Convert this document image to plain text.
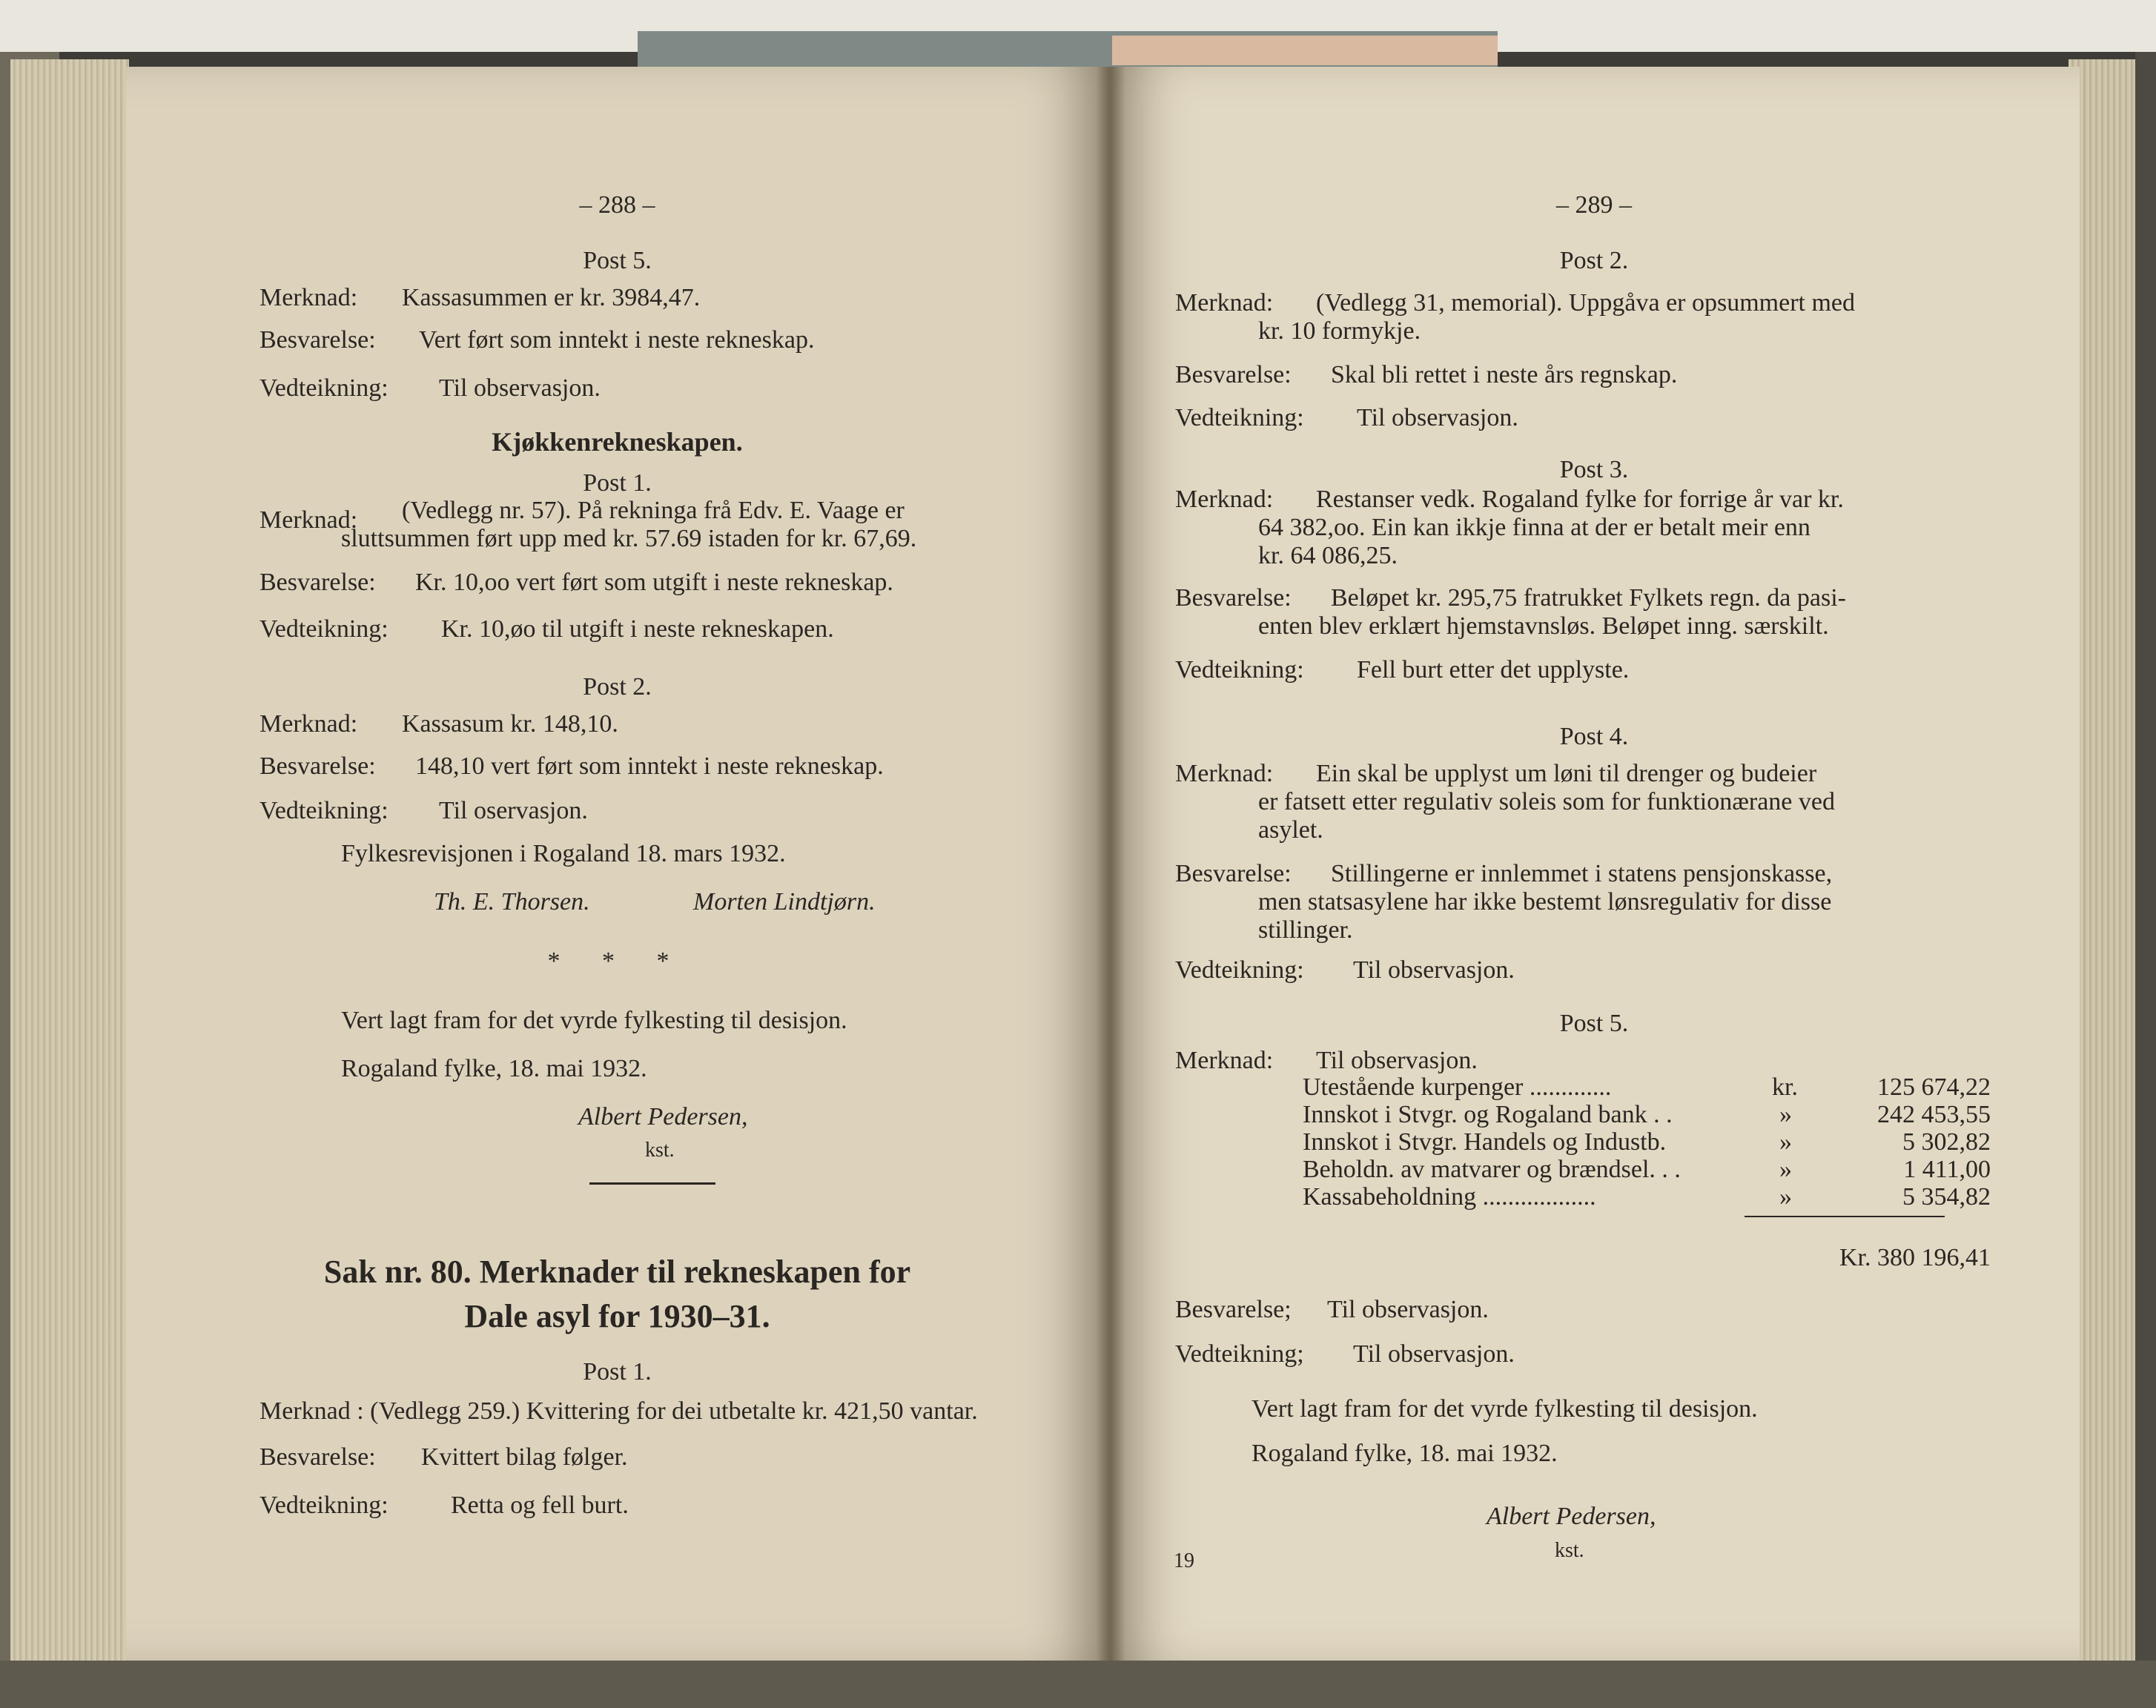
– 288 –
Post 5.
Merknad: Kassasummen er kr. 3984,47.
Besvarelse: Vert ført som inntekt i neste rekneskap.
Vedteikning: Til observasjon.
Kjøkkenrekneskapen.
Post 1.
Merknad: (Vedlegg nr. 57). På rekninga frå Edv. E. Vaage er
sluttsummen ført upp med kr. 57.69 istaden for kr. 67,69.
Besvarelse: Kr. 10,oo vert ført som utgift i neste rekneskap.
Vedteikning: Kr. 10,øo til utgift i neste rekneskapen.
Post 2.
Merknad: Kassasum kr. 148,10.
Besvarelse: 148,10 vert ført som inntekt i neste rekneskap.
Vedteikning: Til oservasjon.
Fylkesrevisjonen i Rogaland 18. mars 1932.
Th. E. Thorsen.	Morten Lindtjørn.
* * *
Vert lagt fram for det vyrde fylkesting til desisjon.
Rogaland fylke, 18. mai 1932.
Albert Pedersen,
kst.
Sak nr. 80. Merknader til rekneskapen for
Dale asyl for 1930–31.
Post 1.
Merknad : (Vedlegg 259.) Kvittering for dei utbetalte kr. 421,50 vantar.
Besvarelse: Kvittert bilag følger.
Vedteikning: Retta og fell burt.
– 289 –
Post 2.
Merknad: (Vedlegg 31, memorial). Uppgåva er opsummert med
kr. 10 formykje.
Besvarelse: Skal bli rettet i neste års regnskap.
Vedteikning: Til observasjon.
Post 3.
Merknad: Restanser vedk. Rogaland fylke for forrige år var kr.
64 382,oo. Ein kan ikkje finna at der er betalt meir enn
kr. 64 086,25.
Besvarelse: Beløpet kr. 295,75 fratrukket Fylkets regn. da pasi-
enten blev erklært hjemstavnsløs. Beløpet inng. særskilt.
Vedteikning: Fell burt etter det upplyste.
Post 4.
Merknad: Ein skal be upplyst um løni til drenger og budeier
er fatsett etter regulativ soleis som for funktionærane ved
asylet.
Besvarelse: Stillingerne er innlemmet i statens pensjonskasse,
men statsasylene har ikke bestemt lønsregulativ for disse
stillinger.
Vedteikning: Til observasjon.
Post 5.
Merknad: Til observasjon.
Utestående kurpenger .............	kr.	125 674,22
Innskot i Stvgr. og Rogaland bank . .	»	242 453,55
Innskot i Stvgr. Handels og Industb.	»	5 302,82
Beholdn. av matvarer og brændsel. . .	»	1 411,00
Kassabeholdning ..................	»	5 354,82
Kr. 380 196,41
Besvarelse; Til observasjon.
Vedteikning; Til observasjon.
Vert lagt fram for det vyrde fylkesting til desisjon.
Rogaland fylke, 18. mai 1932.
Albert Pedersen,
kst.
19
